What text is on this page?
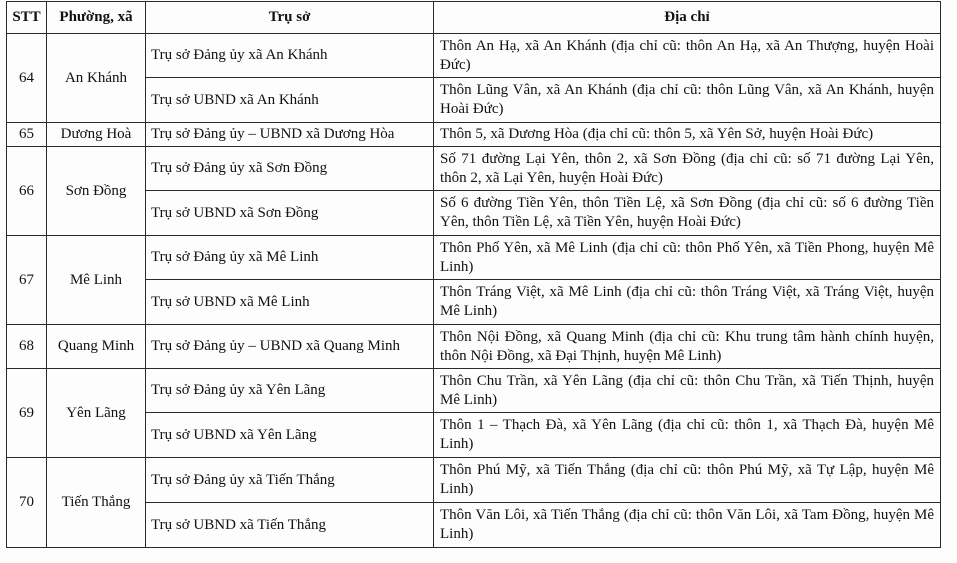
STT	Phường, xã	Trụ sở	Địa chỉ
64	An Khánh	Trụ sở Đảng ủy xã An Khánh	Thôn An Hạ, xã An Khánh (địa chỉ cũ: thôn An Hạ, xã An Thượng, huyện Hoài Đức)

		Trụ sở UBND xã An Khánh	Thôn Lũng Vân, xã An Khánh (địa chỉ cũ: thôn Lũng Vân, xã An Khánh, huyện Hoài Đức)

65	Dương Hoà	Trụ sở Đảng ủy – UBND xã Dương Hòa	Thôn 5, xã Dương Hòa (địa chỉ cũ: thôn 5, xã Yên Sở, huyện Hoài Đức)

66	Sơn Đồng	Trụ sở Đảng ủy xã Sơn Đồng	Số 71 đường Lại Yên, thôn 2, xã Sơn Đồng (địa chỉ cũ: số 71 đường Lại Yên, thôn 2, xã Lại Yên, huyện Hoài Đức)

		Trụ sở UBND xã Sơn Đồng	Số 6 đường Tiền Yên, thôn Tiền Lệ, xã Sơn Đồng (địa chỉ cũ: số 6 đường Tiền Yên, thôn Tiền Lệ, xã Tiền Yên, huyện Hoài Đức)

67	Mê Linh	Trụ sở Đảng ủy xã Mê Linh	Thôn Phố Yên, xã Mê Linh (địa chỉ cũ: thôn Phố Yên, xã Tiền Phong, huyện Mê Linh)

		Trụ sở UBND xã Mê Linh	Thôn Tráng Việt, xã Mê Linh (địa chỉ cũ: thôn Tráng Việt, xã Tráng Việt, huyện Mê Linh)

68	Quang Minh	Trụ sở Đảng ủy – UBND xã Quang Minh	Thôn Nội Đồng, xã Quang Minh (địa chỉ cũ: Khu trung tâm hành chính huyện, thôn Nội Đồng, xã Đại Thịnh, huyện Mê Linh)

69	Yên Lãng	Trụ sở Đảng ủy xã Yên Lãng	Thôn Chu Trần, xã Yên Lãng (địa chỉ cũ: thôn Chu Trần, xã Tiến Thịnh, huyện Mê Linh)

		Trụ sở UBND xã Yên Lãng	Thôn 1 – Thạch Đà, xã Yên Lãng (địa chỉ cũ: thôn 1, xã Thạch Đà, huyện Mê Linh)

70	Tiến Thắng	Trụ sở Đảng ủy xã Tiến Thắng	Thôn Phú Mỹ, xã Tiến Thắng (địa chỉ cũ: thôn Phú Mỹ, xã Tự Lập, huyện Mê Linh)

		Trụ sở UBND xã Tiến Thắng	Thôn Văn Lôi, xã Tiến Thắng (địa chỉ cũ: thôn Văn Lôi, xã Tam Đồng, huyện Mê Linh)
